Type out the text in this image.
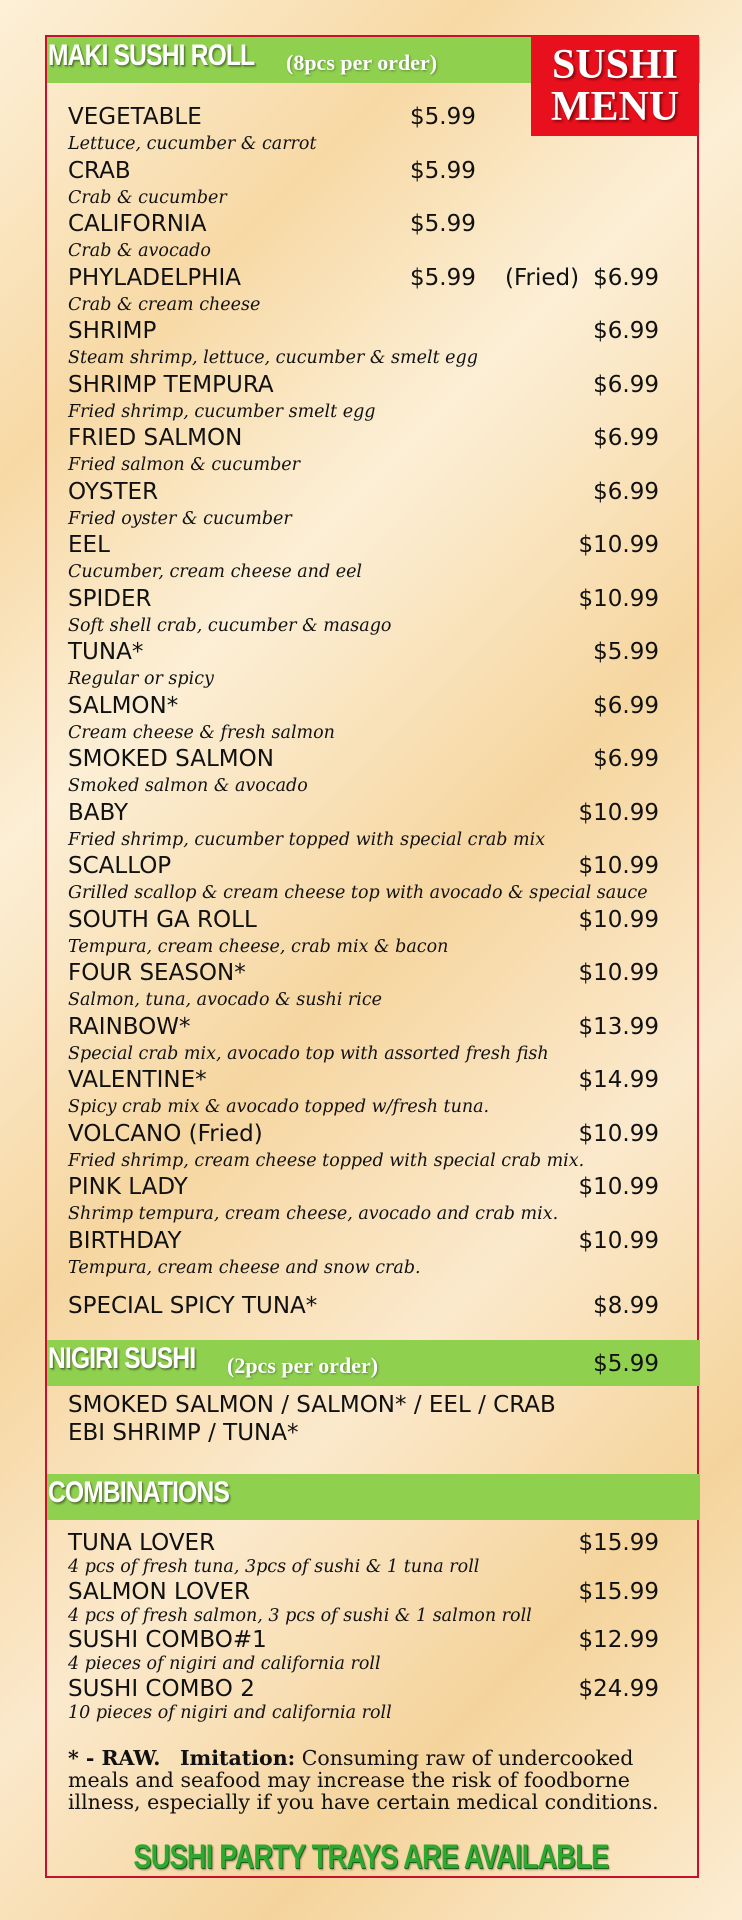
MAKI SUSHI ROLL	(8pcs per order)	SUSHI
MENU
VEGETABLE
Lettuce, cucumber & carrot
$5.99
CRAB
Crab & cucumber
$5.99
CALIFORNIA
Crab & avocado
$5.99
PHYLADELPHIA
Crab & cream cheese
$5.99	(Fried) $6.99
SHRIMP
Steam shrimp, lettuce, cucumber & smelt egg
$6.99
SHRIMP TEMPURA
Fried shrimp, cucumber smelt egg
$6.99
FRIED SALMON
Fried salmon & cucumber
$6.99
OYSTER
Fried oyster & cucumber
$6.99
EEL
Cucumber, cream cheese and eel
$10.99
SPIDER
Soft shell crab, cucumber & masago
$10.99
TUNA*
Regular or spicy
$5.99
SALMON*
Cream cheese & fresh salmon
$6.99
SMOKED SALMON
Smoked salmon & avocado
$6.99
BABY
Fried shrimp, cucumber topped with special crab mix
$10.99
SCALLOP
Grilled scallop & cream cheese top with avocado & special sauce
$10.99
SOUTH GA ROLL
Tempura, cream cheese, crab mix & bacon
$10.99
FOUR SEASON*
Salmon, tuna, avocado & sushi rice
$10.99
RAINBOW*
Special crab mix, avocado top with assorted fresh fish
$13.99
VALENTINE*
Spicy crab mix & avocado topped w/fresh tuna.
$14.99
VOLCANO (Fried)
Fried shrimp, cream cheese topped with special crab mix.
$10.99
PINK LADY
Shrimp tempura, cream cheese, avocado and crab mix.
$10.99
BIRTHDAY
Tempura, cream cheese and snow crab.
$10.99
SPECIAL SPICY TUNA*	$8.99
NIGIRI SUSHI	(2pcs per order)	$5.99
SMOKED SALMON / SALMON* / EEL / CRAB
EBI SHRIMP / TUNA*
COMBINATIONS
TUNA LOVER
4 pcs of fresh tuna, 3pcs of sushi & 1 tuna roll
$15.99
SALMON LOVER
4 pcs of fresh salmon, 3 pcs of sushi & 1 salmon roll
$15.99
SUSHI COMBO#1
4 pieces of nigiri and california roll
$12.99
SUSHI COMBO 2
10 pieces of nigiri and california roll
$24.99
* - RAW. Imitation: Consuming raw of undercooked meals and seafood may increase the risk of foodborne illness, especially if you have certain medical conditions.
SUSHI PARTY TRAYS ARE AVAILABLE
